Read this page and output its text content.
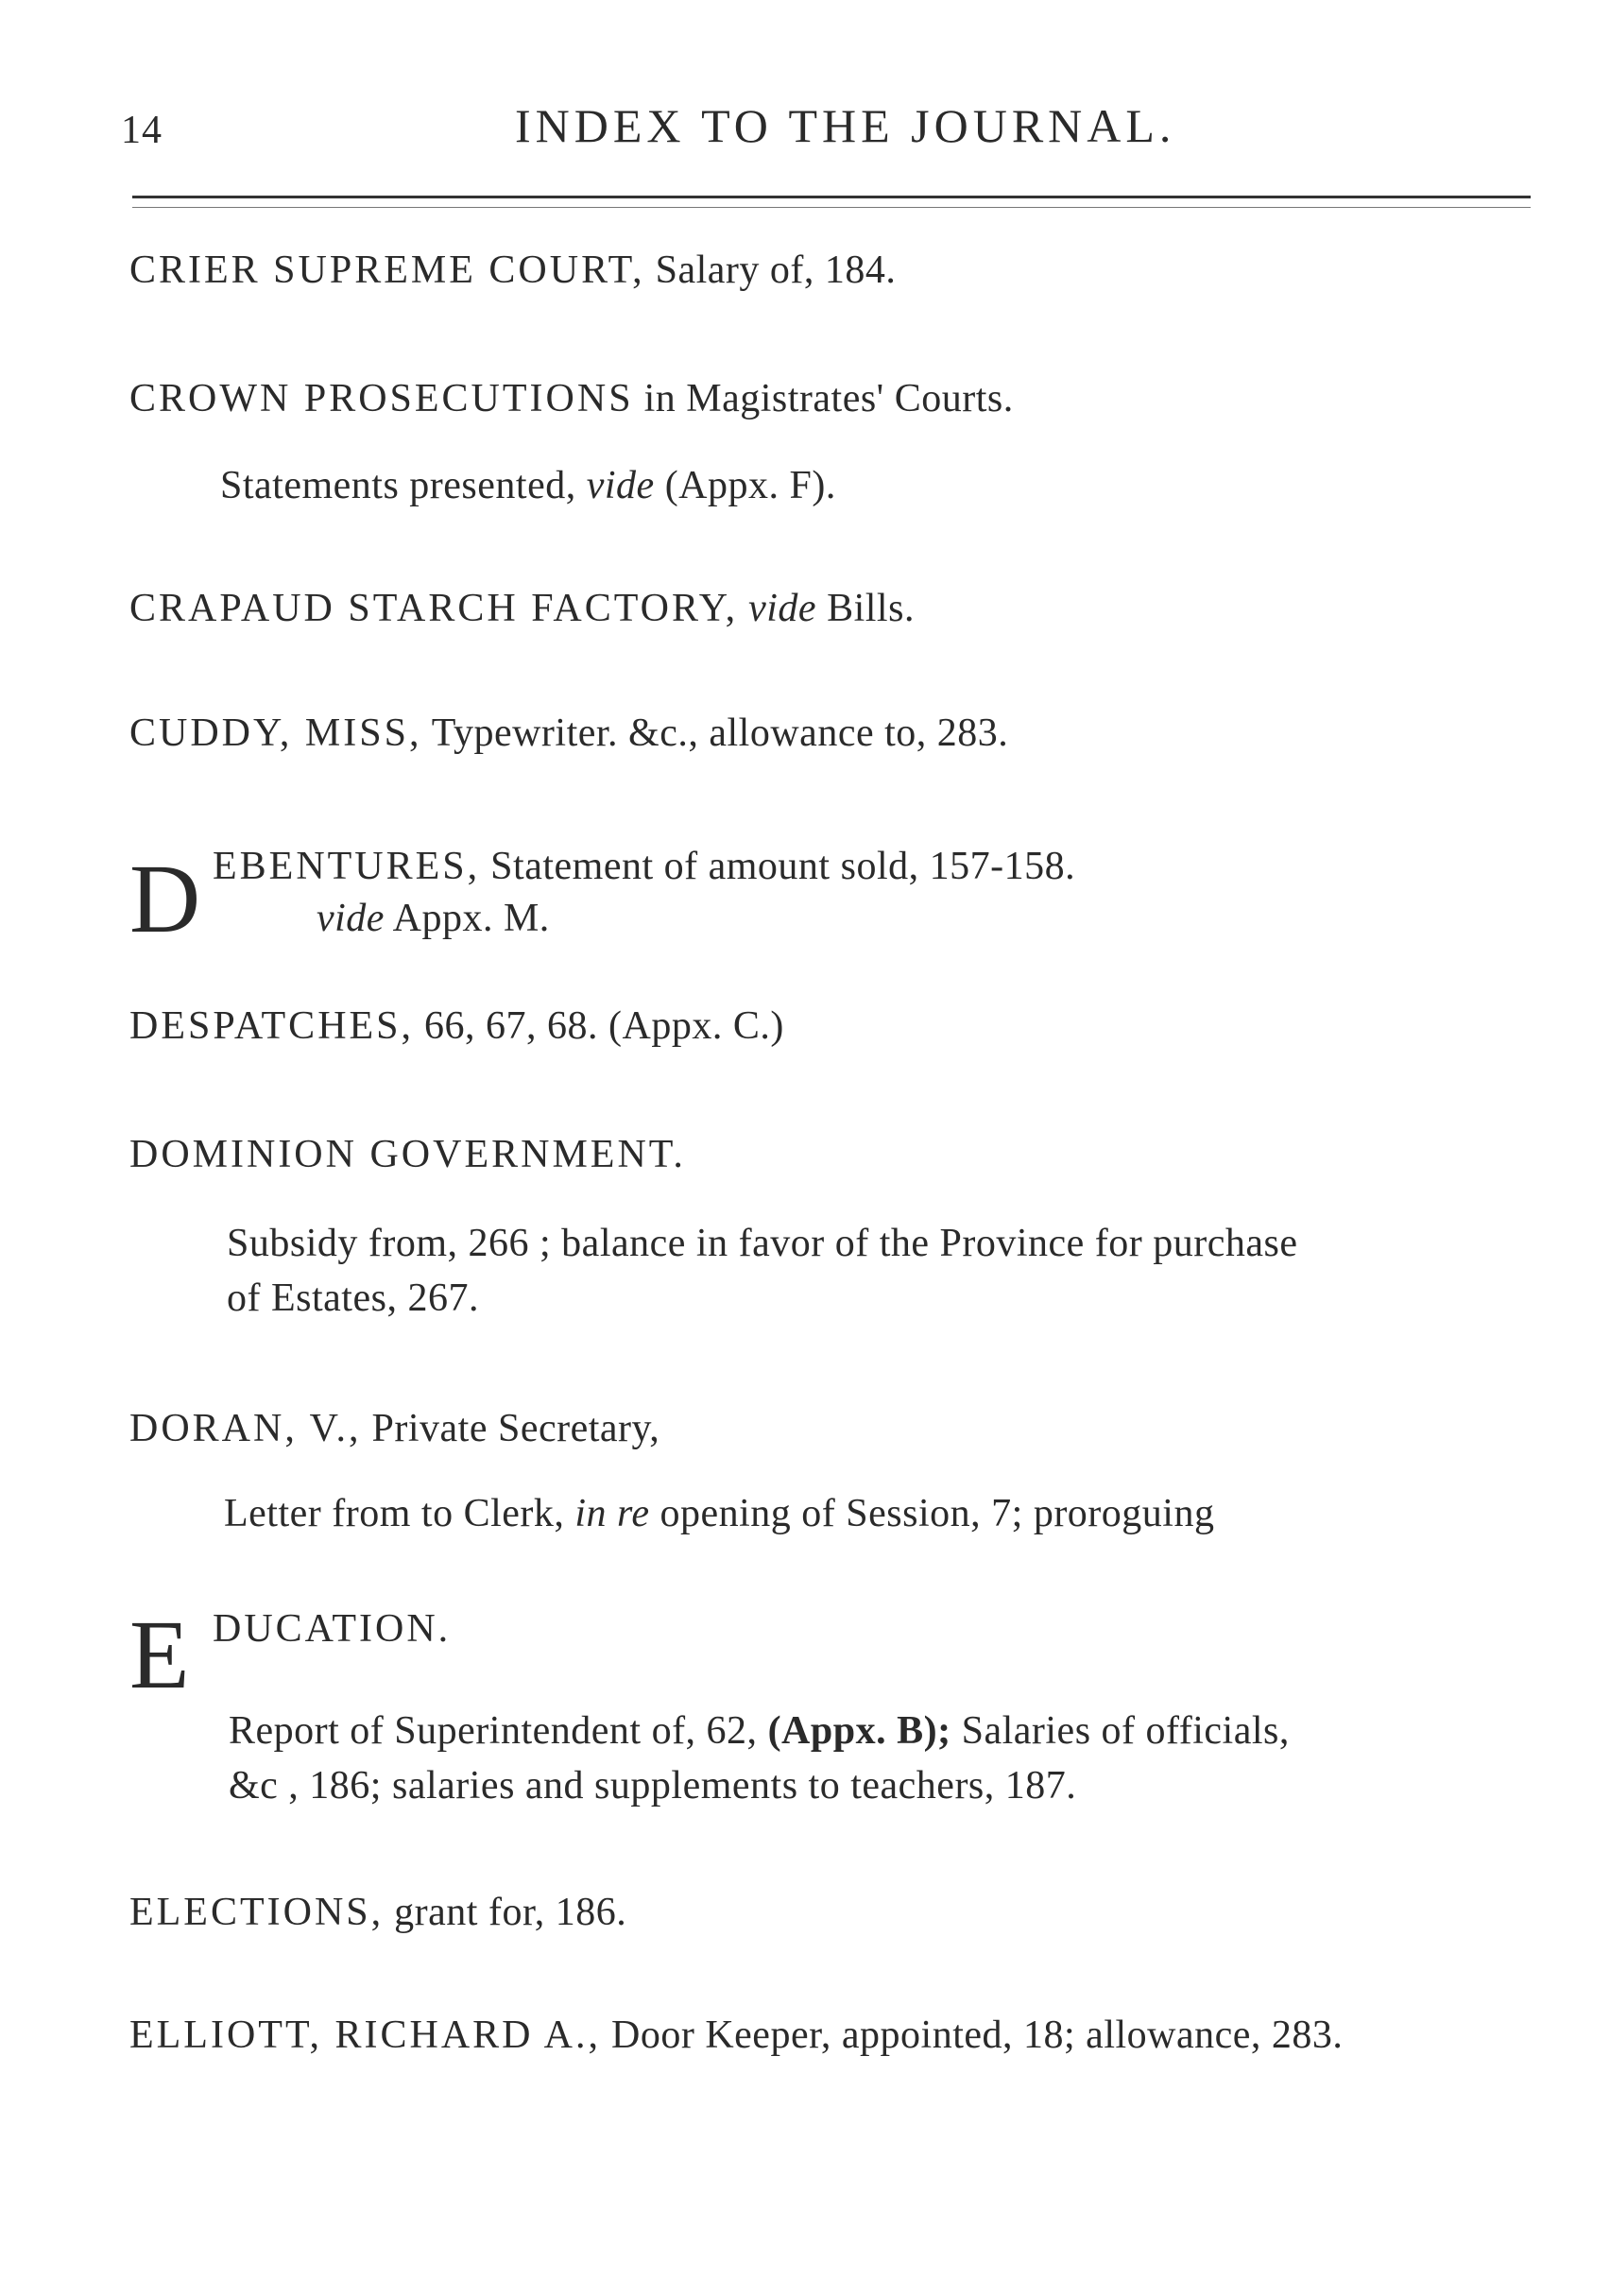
14	INDEX TO THE JOURNAL.
CRIER SUPREME COURT, Salary of, 184.
CROWN PROSECUTIONS in Magistrates' Courts.
Statements presented, vide (Appx. F).
CRAPAUD STARCH FACTORY, vide Bills.
CUDDY, MISS, Typewriter. &c., allowance to, 283.
D EBENTURES, Statement of amount sold, 157-158.
vide Appx. M.
DESPATCHES, 66, 67, 68. (Appx. C.)
DOMINION GOVERNMENT.
Subsidy from, 266 ; balance in favor of the Province for purchase
of Estates, 267.
DORAN, V., Private Secretary,
Letter from to Clerk, in re opening of Session, 7; proroguing
E DUCATION.
Report of Superintendent of, 62, (Appx. B); Salaries of officials,
&c , 186; salaries and supplements to teachers, 187.
ELECTIONS, grant for, 186.
ELLIOTT, RICHARD A., Door Keeper, appointed, 18; allowance, 283.
